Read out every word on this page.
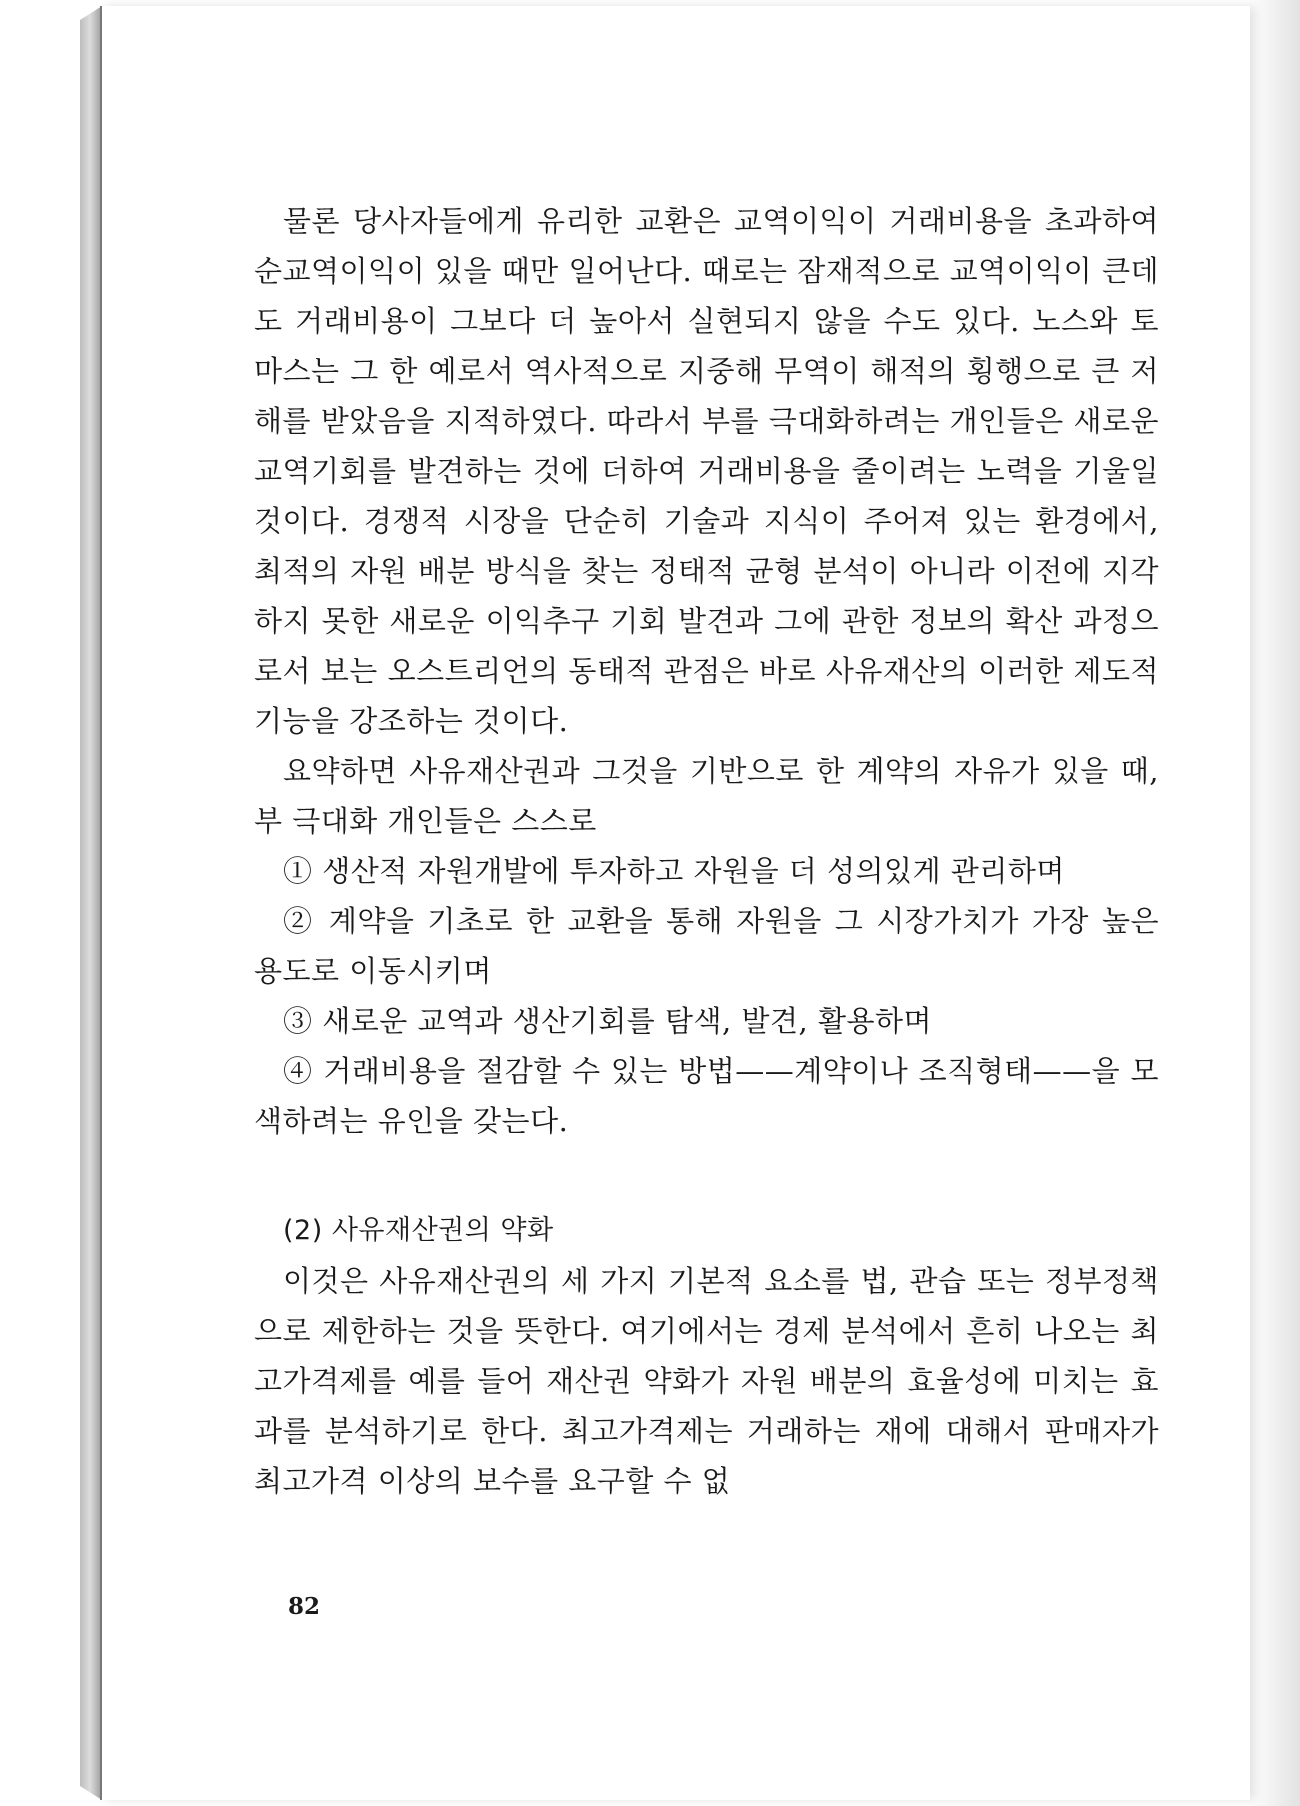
물론 당사자들에게 유리한 교환은 교역이익이 거래비용을 초과하여 순교역이익이 있을 때만 일어난다. 때로는 잠재적으로 교역이익이 큰데도 거래비용이 그보다 더 높아서 실현되지 않을 수도 있다. 노스와 토마스는 그 한 예로서 역사적으로 지중해 무역이 해적의 횡행으로 큰 저해를 받았음을 지적하였다. 따라서 부를 극대화하려는 개인들은 새로운 교역기회를 발견하는 것에 더하여 거래비용을 줄이려는 노력을 기울일 것이다. 경쟁적 시장을 단순히 기술과 지식이 주어져 있는 환경에서, 최적의 자원 배분 방식을 찾는 정태적 균형 분석이 아니라 이전에 지각하지 못한 새로운 이익추구 기회 발견과 그에 관한 정보의 확산 과정으로서 보는 오스트리언의 동태적 관점은 바로 사유재산의 이러한 제도적 기능을 강조하는 것이다.

요약하면 사유재산권과 그것을 기반으로 한 계약의 자유가 있을 때, 부 극대화 개인들은 스스로

① 생산적 자원개발에 투자하고 자원을 더 성의있게 관리하며

② 계약을 기초로 한 교환을 통해 자원을 그 시장가치가 가장 높은 용도로 이동시키며

③ 새로운 교역과 생산기회를 탐색, 발견, 활용하며

④ 거래비용을 절감할 수 있는 방법——계약이나 조직형태——을 모색하려는 유인을 갖는다.

(2) 사유재산권의 약화

이것은 사유재산권의 세 가지 기본적 요소를 법, 관습 또는 정부정책으로 제한하는 것을 뜻한다. 여기에서는 경제 분석에서 흔히 나오는 최고가격제를 예를 들어 재산권 약화가 자원 배분의 효율성에 미치는 효과를 분석하기로 한다. 최고가격제는 거래하는 재에 대해서 판매자가 최고가격 이상의 보수를 요구할 수 없

82
